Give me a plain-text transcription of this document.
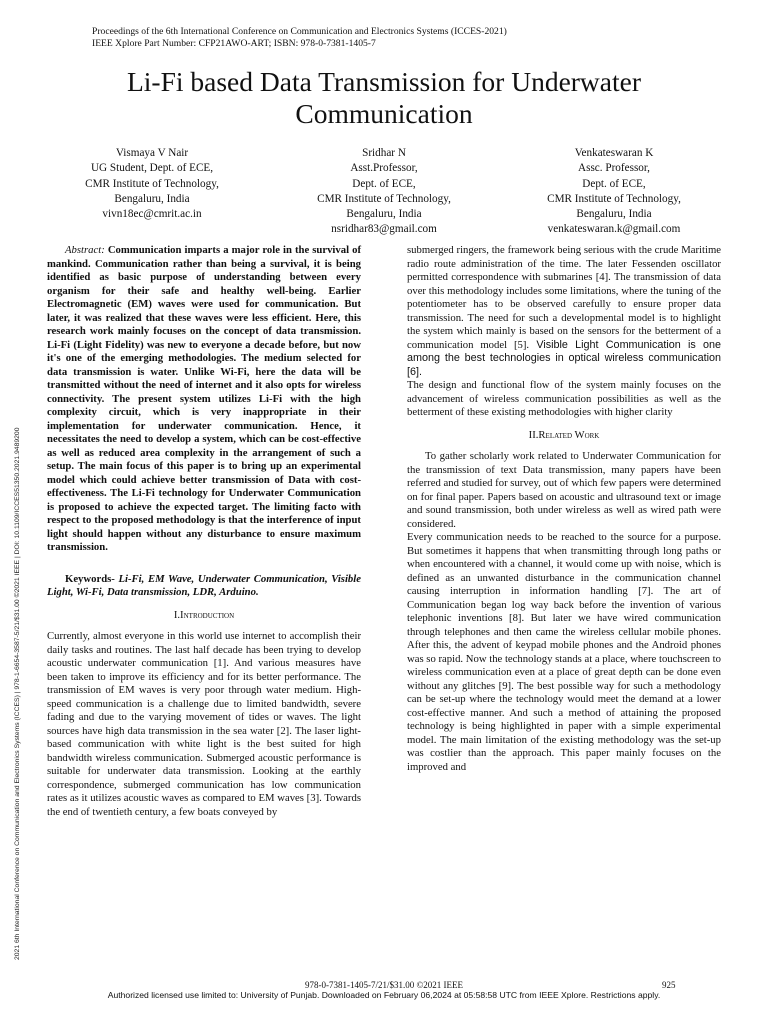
Proceedings of the 6th International Conference on Communication and Electronics Systems (ICCES-2021)
IEEE Xplore Part Number: CFP21AWO-ART; ISBN: 978-0-7381-1405-7
Li-Fi based Data Transmission for Underwater
Communication
Vismaya V Nair
UG Student, Dept. of ECE,
CMR Institute of Technology,
Bengaluru, India
vivn18ec@cmrit.ac.in
Sridhar N
Asst.Professor,
Dept. of ECE,
CMR Institute of Technology,
Bengaluru, India
nsridhar83@gmail.com
Venkateswaran K
Assc. Professor,
Dept. of ECE,
CMR Institute of Technology,
Bengaluru, India
venkateswaran.k@gmail.com
2021 6th International Conference on Communication and Electronics Systems (ICCES) | 978-1-6654-3587-5/21/$31.00 ©2021 IEEE | DOI: 10.1109/ICCES51350.2021.9489200

Abstract: Communication imparts a major role in the survival of mankind. Communication rather than being a survival, it is being identified as basic purpose of understanding between every organism for their safe and healthy well-being. Earlier Electromagnetic (EM) waves were used for communication. But later, it was realized that these waves were less efficient. Here, this research work mainly focuses on the concept of data transmission. Li-Fi (Light Fidelity) was new to everyone a decade before, but now it's one of the emerging methodologies. The medium selected for data transmission is water. Unlike Wi-Fi, here the data will be transmitted without the need of internet and it also opts for wireless connectivity. The present system utilizes Li-Fi with the high complexity circuit, which is very inappropriate in their implementation for underwater communication. Hence, it necessitates the need to develop a system, which can be cost-effective as well as reduced area complexity in the arrangement of such a setup. The main focus of this paper is to bring up an experimental model which could achieve better transmission of Data with cost-effectiveness. The Li-Fi technology for Underwater Communication is proposed to achieve the expected target. The limiting facto with respect to the proposed methodology is that the interference of input light should happen without any disturbance to ensure maximum transmission.

Keywords- Li-Fi, EM Wave, Underwater Communication, Visible Light, Wi-Fi, Data transmission, LDR, Arduino.

I.Introduction

Currently, almost everyone in this world use internet to accomplish their daily tasks and routines. The last half decade has been trying to develop acoustic underwater communication [1]. And various measures have been taken to improve its efficiency and for its better performance. The transmission of EM waves is very poor through water medium. High-speed communication is a challenge due to limited bandwidth, severe fading and due to the varying movement of tides or waves. The light sources have high data transmission in the sea water [2]. The laser light-based communication with white light is the best suited for high bandwidth wireless communication. Submerged acoustic performance is suitable for underwater data transmission. Looking at the earthly correspondence, submerged communication has low communication rates as it utilizes acoustic waves as compared to EM waves [3]. Towards the end of twentieth century, a few boats conveyed by

submerged ringers, the framework being serious with the crude Maritime radio route administration of the time. The later Fessenden oscillator permitted correspondence with submarines [4]. The transmission of data over this methodology includes some limitations, where the tuning of the potentiometer has to be observed carefully to ensure proper data transmission. The need for such a developmental model is to highlight the system which mainly is based on the sensors for the betterment of a communication model [5]. Visible Light Communication is one among the best technologies in optical wireless communication [6].

The design and functional flow of the system mainly focuses on the advancement of wireless communication possibilities as well as the betterment of these existing methodologies with higher clarity

II.Related Work

To gather scholarly work related to Underwater Communication for the transmission of text Data transmission, many papers have been referred and studied for survey, out of which few papers were determined on for final paper. Papers based on acoustic and ultrasound text or image and sound transmission, both under wireless as well as wired path were considered.

Every communication needs to be reached to the source for a purpose. But sometimes it happens that when transmitting through long paths or when encountered with a channel, it would come up with noise, which is defined as an unwanted disturbance in the communication channel causing interruption in information handling [7]. The art of Communication began log way back before the invention of various telephonic inventions [8]. But later we have wired communication through telephones and then came the wireless cellular mobile phones. After this, the advent of keypad mobile phones and the Android phones was so rapid. Now the technology stands at a place, where touchscreen to wireless communication even at a place of great depth can be done even without any glitches [9]. The best possible way for such a methodology can be set-up where the technology would meet the demand at a lower cost-effective manner. And such a method of attaining the proposed technology is being highlighted in paper with a simple experimental model. The main limitation of the existing methodology was the set-up was costlier than the approach. This paper mainly focuses on the improved and

978-0-7381-1405-7/21/$31.00 ©2021 IEEE	925
Authorized licensed use limited to: University of Punjab. Downloaded on February 06,2024 at 05:58:58 UTC from IEEE Xplore. Restrictions apply.
